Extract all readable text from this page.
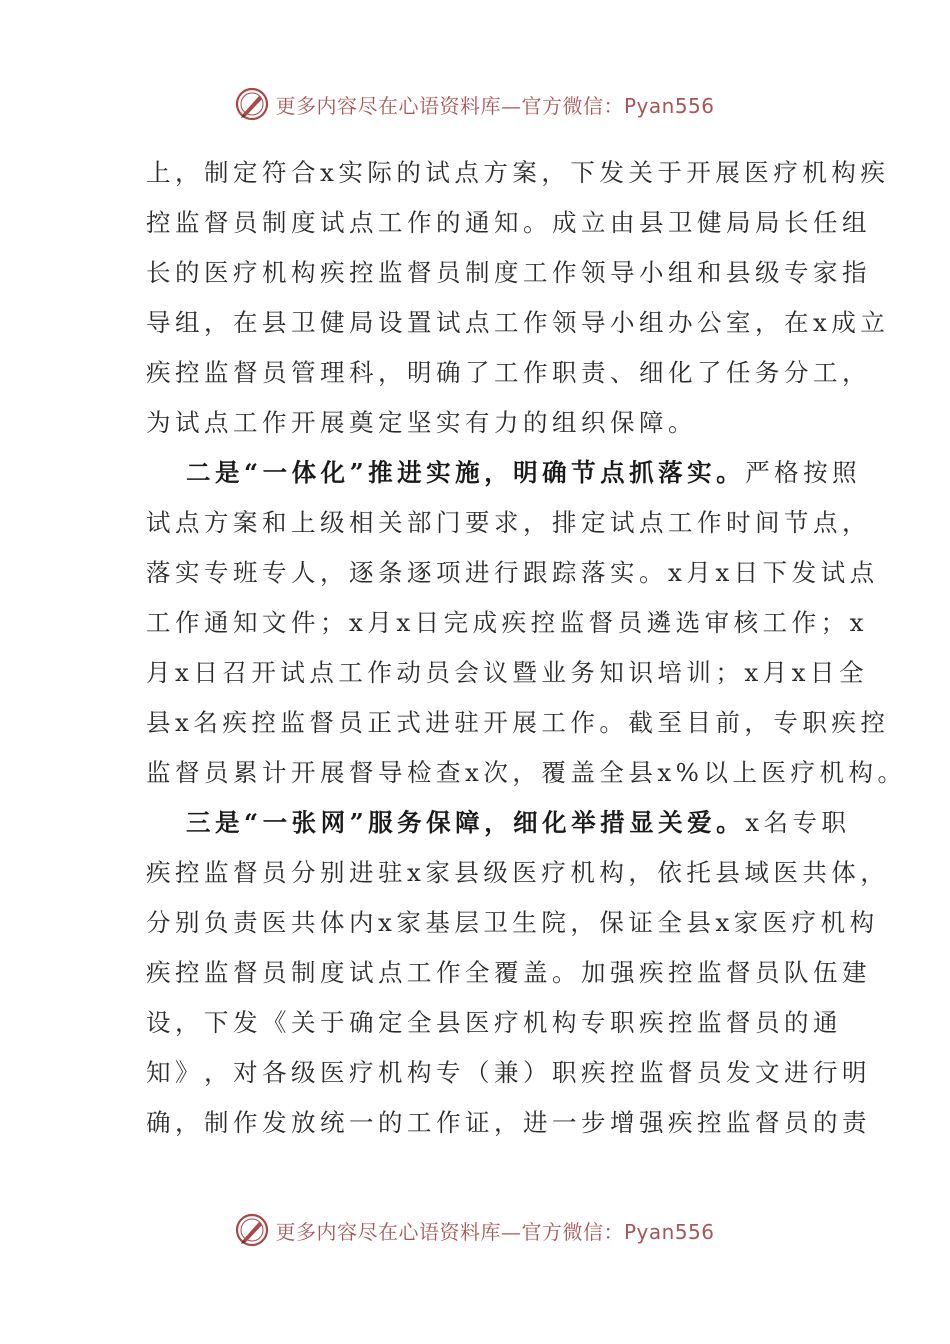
更多内容尽在心语资料库—官方微信：Pyan556
上 ， 制 定 符 合 x 实 际 的 试 点 方 案 ， 下 发 关 于 开 展 医 疗 机 构 疾
控 监 督 员 制 度 试 点 工 作 的 通 知 。 成 立 由 县 卫 健 局 局 长 任 组
长 的 医 疗 机 构 疾 控 监 督 员 制 度 工 作 领 导 小 组 和 县 级 专 家 指
导 组 ， 在 县 卫 健 局 设 置 试 点 工 作 领 导 小 组 办 公 室 ， 在 x 成 立
疾 控 监 督 员 管 理 科 ， 明 确 了 工 作 职 责 、 细 化 了 任 务 分 工 ，
为试点工作开展奠定坚实有力的组织保障。
二是“一体化”推进实施，明确节点抓落实。严格按照
试 点 方 案 和 上 级 相 关 部 门 要 求 ， 排 定 试 点 工 作 时 间 节 点 ，
落 实 专 班 专 人 ， 逐 条 逐 项 进 行 跟 踪 落 实 。 x 月 x 日 下 发 试 点
工 作 通 知 文 件 ； x 月 x 日 完 成 疾 控 监 督 员 遴 选 审 核 工 作 ； x
月 x 日 召 开 试 点 工 作 动 员 会 议 暨 业 务 知 识 培 训 ； x 月 x 日 全
县 x 名 疾 控 监 督 员 正 式 进 驻 开 展 工 作 。 截 至 目 前 ， 专 职 疾 控
监 督 员 累 计 开 展 督 导 检 查 x 次 ， 覆 盖 全 县 x % 以 上 医 疗 机 构 。
三是“一张网”服务保障，细化举措显关爱。x名专职
疾 控 监 督 员 分 别 进 驻 x 家 县 级 医 疗 机 构 ， 依 托 县 域 医 共 体 ，
分 别 负 责 医 共 体 内 x 家 基 层 卫 生 院 ， 保 证 全 县 x 家 医 疗 机 构
疾 控 监 督 员 制 度 试 点 工 作 全 覆 盖 。 加 强 疾 控 监 督 员 队 伍 建
设 ， 下 发 《 关 于 确 定 全 县 医 疗 机 构 专 职 疾 控 监 督 员 的 通
知 》 ， 对 各 级 医 疗 机 构 专 （ 兼 ） 职 疾 控 监 督 员 发 文 进 行 明
确 ， 制 作 发 放 统 一 的 工 作 证 ， 进 一 步 增 强 疾 控 监 督 员 的 责
更多内容尽在心语资料库—官方微信：Pyan556
